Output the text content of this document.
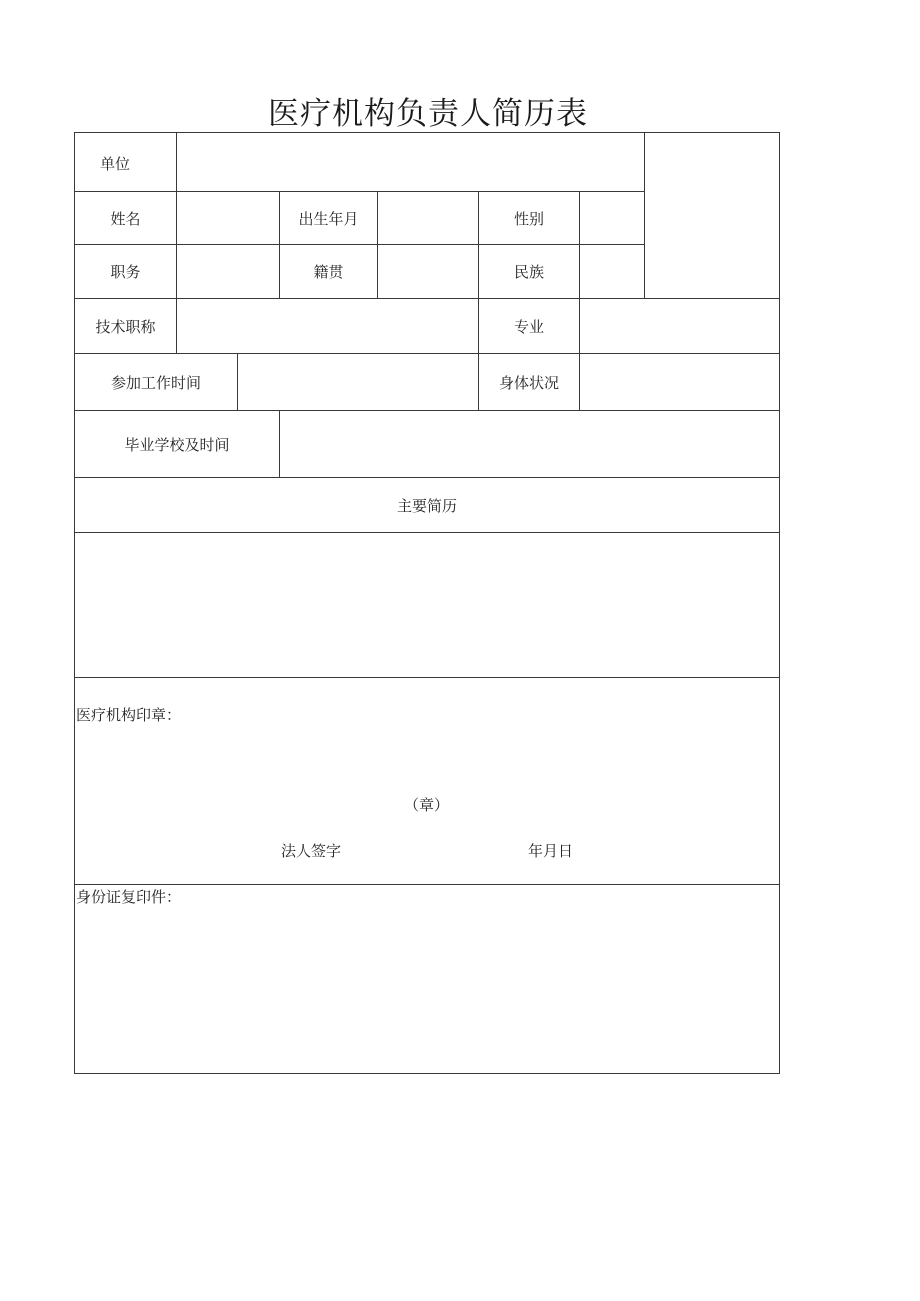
医疗机构负责人简历表
单位
姓名	出生年月	性别
职务	籍贯	民族
技术职称	专业
参加工作时间	身体状况
毕业学校及时间
主要简历
医疗机构印章：
（章）
法人签字	年月日
身份证复印件：
